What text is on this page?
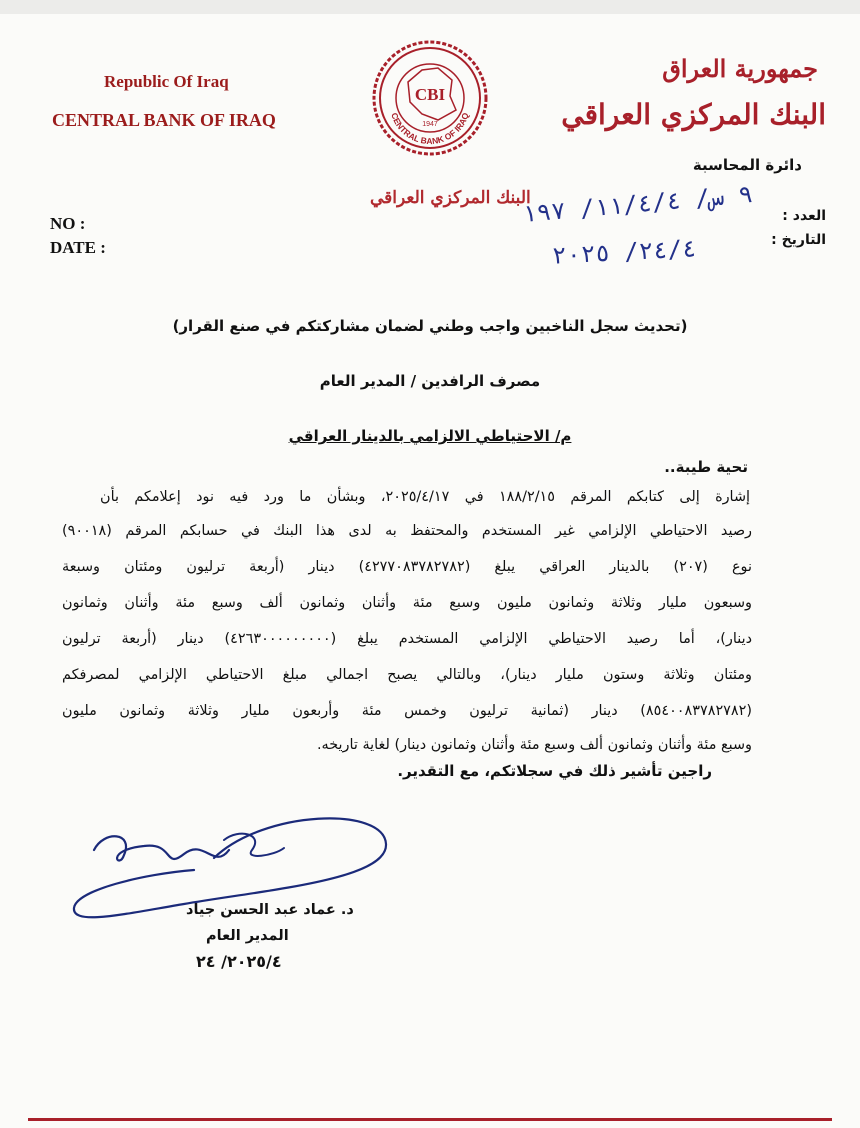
Republic Of Iraq
CENTRAL BANK OF IRAQ
CBI
1947
CENTRAL BANK OF IRAQ
جمهورية العراق
البنك المركزي العراقي
دائرة المحاسبة
البنك المركزي العراقي
NO :
DATE :
العدد :
التاريخ :
٩ س/ ١١/٤/٤/ ١٩٧
٢٤/٤/ ٢٠٢٥
(تحديث سجل الناخبين واجب وطني لضمان مشاركتكم في صنع القرار)
مصرف الرافدين / المدير العام
م/ الاحتياطي الالزامي بالدينار العراقي
تحية طيبة..
إشارة إلى كتابكم المرقم ١٨٨/٢/١٥ في ٢٠٢٥/٤/١٧، وبشأن ما ورد فيه نود إعلامكم بأن
رصيد الاحتياطي الإلزامي غير المستخدم والمحتفظ به لدى هذا البنك في حسابكم المرقم (٩٠٠١٨)
نوع (٢٠٧) بالدينار العراقي يبلغ (٤٢٧٧٠٨٣٧٨٢٧٨٢) دينار (أربعة ترليون ومئتان وسبعة
وسبعون مليار وثلاثة وثمانون مليون وسبع مئة وأثنان وثمانون ألف وسبع مئة وأثنان وثمانون
دينار)، أما رصيد الاحتياطي الإلزامي المستخدم يبلغ (٤٢٦٣٠٠٠٠٠٠٠٠٠) دينار (أربعة ترليون
ومئتان وثلاثة وستون مليار دينار)، وبالتالي يصبح اجمالي مبلغ الاحتياطي الإلزامي لمصرفكم
(٨٥٤٠٠٨٣٧٨٢٧٨٢) دينار (ثمانية ترليون وخمس مئة وأربعون مليار وثلاثة وثمانون مليون
وسبع مئة وأثنان وثمانون ألف وسبع مئة وأثنان وثمانون دينار) لغاية تاريخه.
راجين تأشير ذلك في سجلاتكم، مع التقدير.
د. عماد عبد الحسن جياد
المدير العام
٢٠٢٥/٤/ ٢٤
